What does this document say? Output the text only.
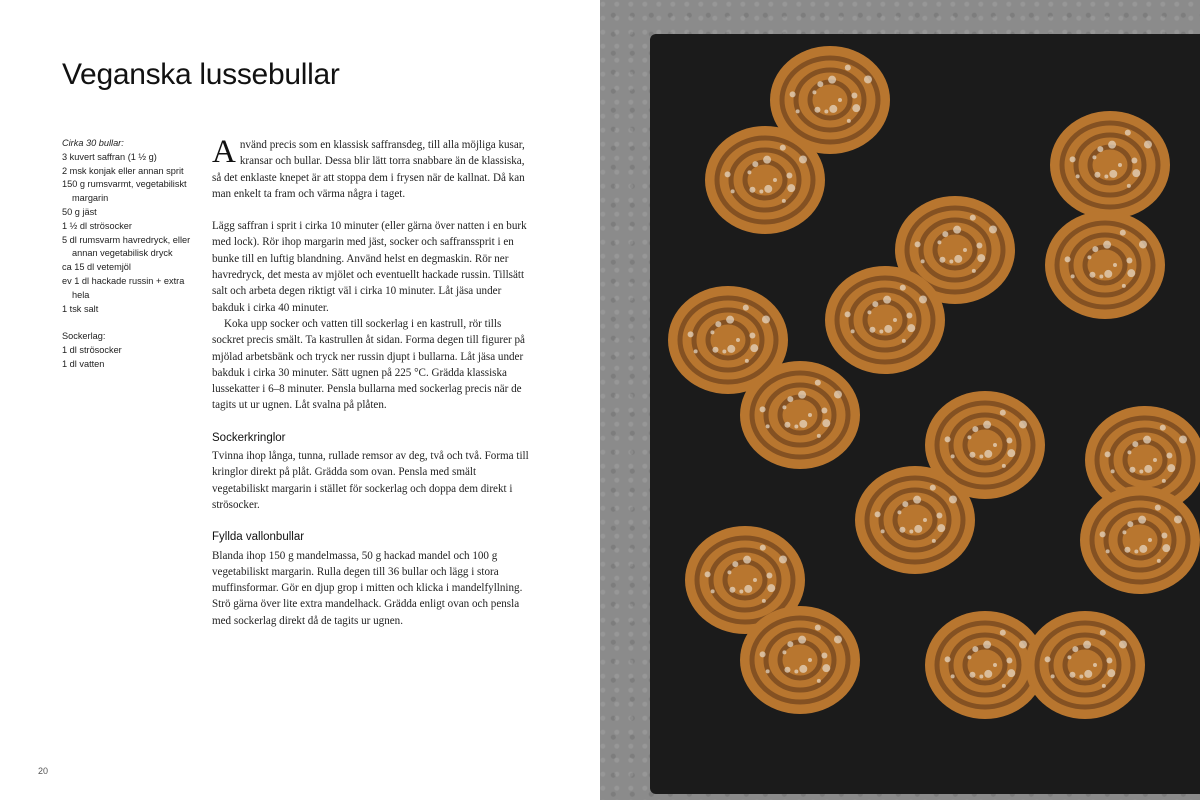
Veganska lussebullar
Cirka 30 bullar:
3 kuvert saffran (1 ½ g)
2 msk konjak eller annan sprit
150 g rumsvarmt, vegetabiliskt margarin
50 g jäst
1 ½ dl strösocker
5 dl rumsvarm havredryck, eller annan vegetabilisk dryck
ca 15 dl vetemjöl
ev 1 dl hackade russin + extra hela
1 tsk salt
Sockerlag:
1 dl strösocker
1 dl vatten

Använd precis som en klassisk saffransdeg, till alla möjliga kusar, kransar och bullar. Dessa blir lätt torra snabbare än de klassiska, så det enklaste knepet är att stoppa dem i frysen när de kallnat. Då kan man enkelt ta fram och värma några i taget.

Lägg saffran i sprit i cirka 10 minuter (eller gärna över natten i en burk med lock). Rör ihop margarin med jäst, socker och saffranssprit i en bunke till en luftig blandning. Använd helst en degmaskin. Rör ner havredryck, det mesta av mjölet och eventuellt hackade russin. Tillsätt salt och arbeta degen riktigt väl i cirka 10 minuter. Låt jäsa under bakduk i cirka 40 minuter.

Koka upp socker och vatten till sockerlag i en kastrull, rör tills sockret precis smält. Ta kastrullen åt sidan. Forma degen till figurer på mjölad arbetsbänk och tryck ner russin djupt i bullarna. Låt jäsa under bakduk i cirka 30 minuter. Sätt ugnen på 225 °C. Grädda klassiska lussekatter i 6–8 minuter. Pensla bullarna med sockerlag precis när de tagits ut ur ugnen. Låt svalna på plåten.

Sockerkringlor

Tvinna ihop långa, tunna, rullade remsor av deg, två och två. Forma till kringlor direkt på plåt. Grädda som ovan. Pensla med smält vegetabiliskt margarin i stället för sockerlag och doppa dem direkt i strösocker.

Fyllda vallonbullar

Blanda ihop 150 g mandelmassa, 50 g hackad mandel och 100 g vegetabiliskt margarin. Rulla degen till 36 bullar och lägg i stora muffinsformar. Gör en djup grop i mitten och klicka i mandelfyllning. Strö gärna över lite extra mandelhack. Grädda enligt ovan och pensla med sockerlag direkt då de tagits ur ugnen.

20
